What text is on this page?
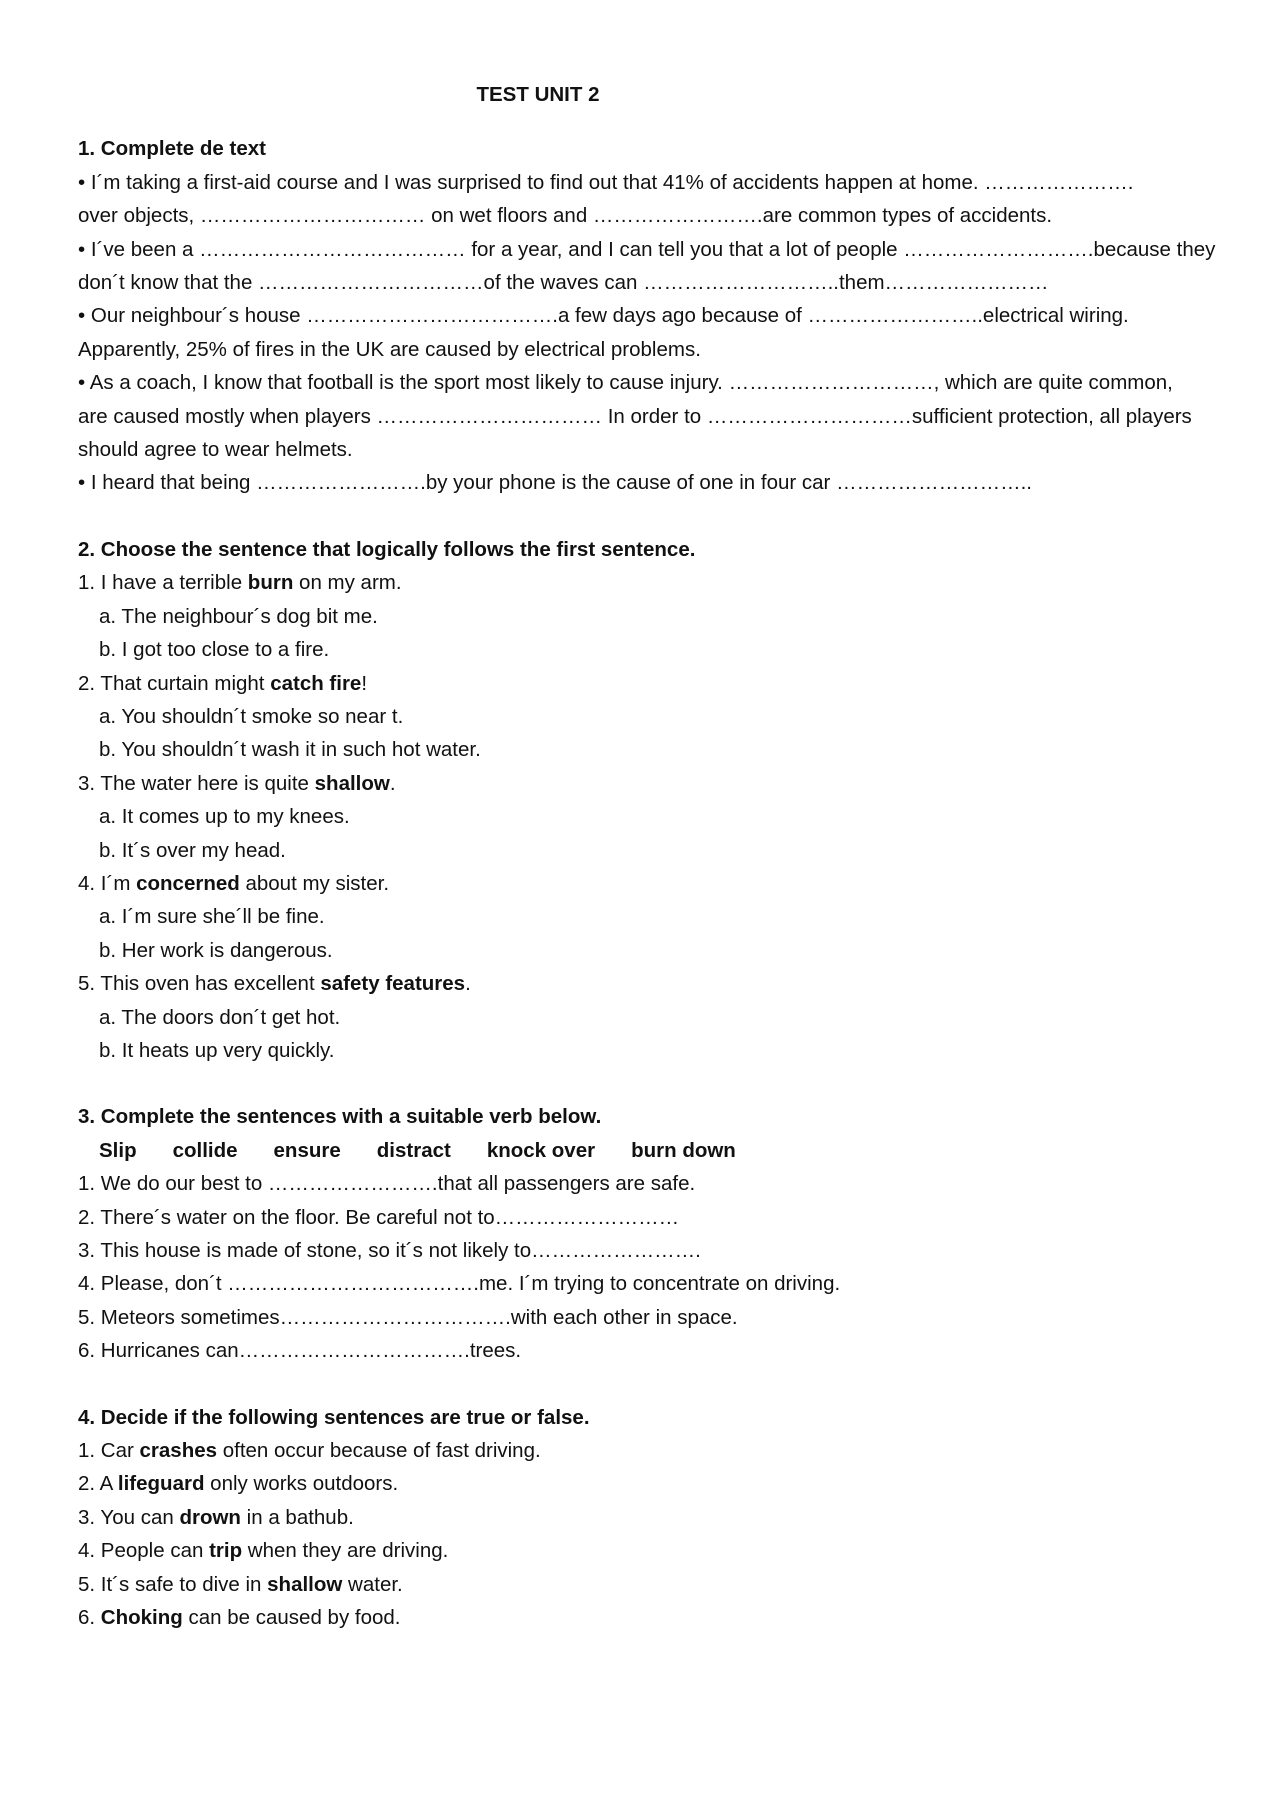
TEST UNIT 2
1. Complete de text
• I´m taking a first-aid course and I was surprised to find out that 41% of accidents happen at home. ………………….
over objects, …………………………… on wet floors and …………………….are common types of accidents.
• I´ve been a ………………………………… for a year, and I can tell you that a lot of people ……………………….because they
don´t know that the ……………………………of the waves can ………………………..them……………………
• Our neighbour´s house ……………………………….a few days ago because of ……………………..electrical wiring.
Apparently, 25% of fires in the UK are caused by electrical problems.
• As a coach, I know that football is the sport most likely to cause injury. …………………………, which are quite common,
are caused mostly when players …………………………… In order to …………………………sufficient protection, all players
should agree to wear helmets.
• I heard that being …………………….by your phone is the cause of one in four car ………………………..
2. Choose the sentence that logically follows the first sentence.
1. I have a terrible burn on my arm.
a. The neighbour´s dog bit me.
b. I got too close to a fire.
2. That curtain might catch fire!
a. You shouldn´t smoke so near t.
b. You shouldn´t wash it in such hot water.
3. The water here is quite shallow.
a. It comes up to my knees.
b. It´s over my head.
4. I´m concerned about my sister.
a. I´m sure she´ll be fine.
b. Her work is dangerous.
5. This oven has excellent safety features.
a. The doors don´t get hot.
b. It heats up very quickly.
3. Complete the sentences with a suitable verb below.
Slip collide ensure distract knock over burn down
1. We do our best to …………………….that all passengers are safe.
2. There´s water on the floor. Be careful not to………………………
3. This house is made of stone, so it´s not likely to…………………….
4. Please, don´t ……………………………….me. I´m trying to concentrate on driving.
5. Meteors sometimes…………………………….with each other in space.
6. Hurricanes can…………………………….trees.
4. Decide if the following sentences are true or false.
1. Car crashes often occur because of fast driving.
2. A lifeguard only works outdoors.
3. You can drown in a bathub.
4. People can trip when they are driving.
5. It´s safe to dive in shallow water.
6. Choking can be caused by food.
